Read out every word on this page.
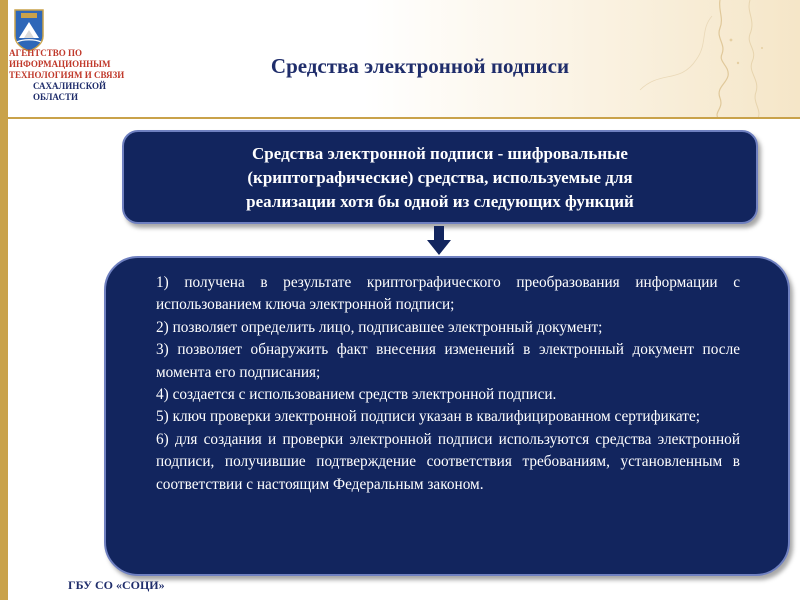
АГЕНТСТВО ПО
ИНФОРМАЦИОННЫМ
ТЕХНОЛОГИЯМ И СВЯЗИ
САХАЛИНСКОЙ
ОБЛАСТИ
Средства электронной подписи
Средства электронной подписи - шифровальные
(криптографические) средства, используемые для
реализации хотя бы одной из следующих функций

1) получена в результате криптографического преобразования информации с использованием ключа электронной подписи;

2) позволяет определить лицо, подписавшее электронный документ;

3) позволяет обнаружить факт внесения изменений в электронный документ после момента его подписания;

4) создается с использованием средств электронной подписи.

5) ключ проверки электронной подписи указан в квалифицированном сертификате;

6) для создания и проверки электронной подписи используются средства электронной подписи, получившие подтверждение соответствия требованиям, установленным в соответствии с настоящим Федеральным законом.

ГБУ СО «СОЦИ»
